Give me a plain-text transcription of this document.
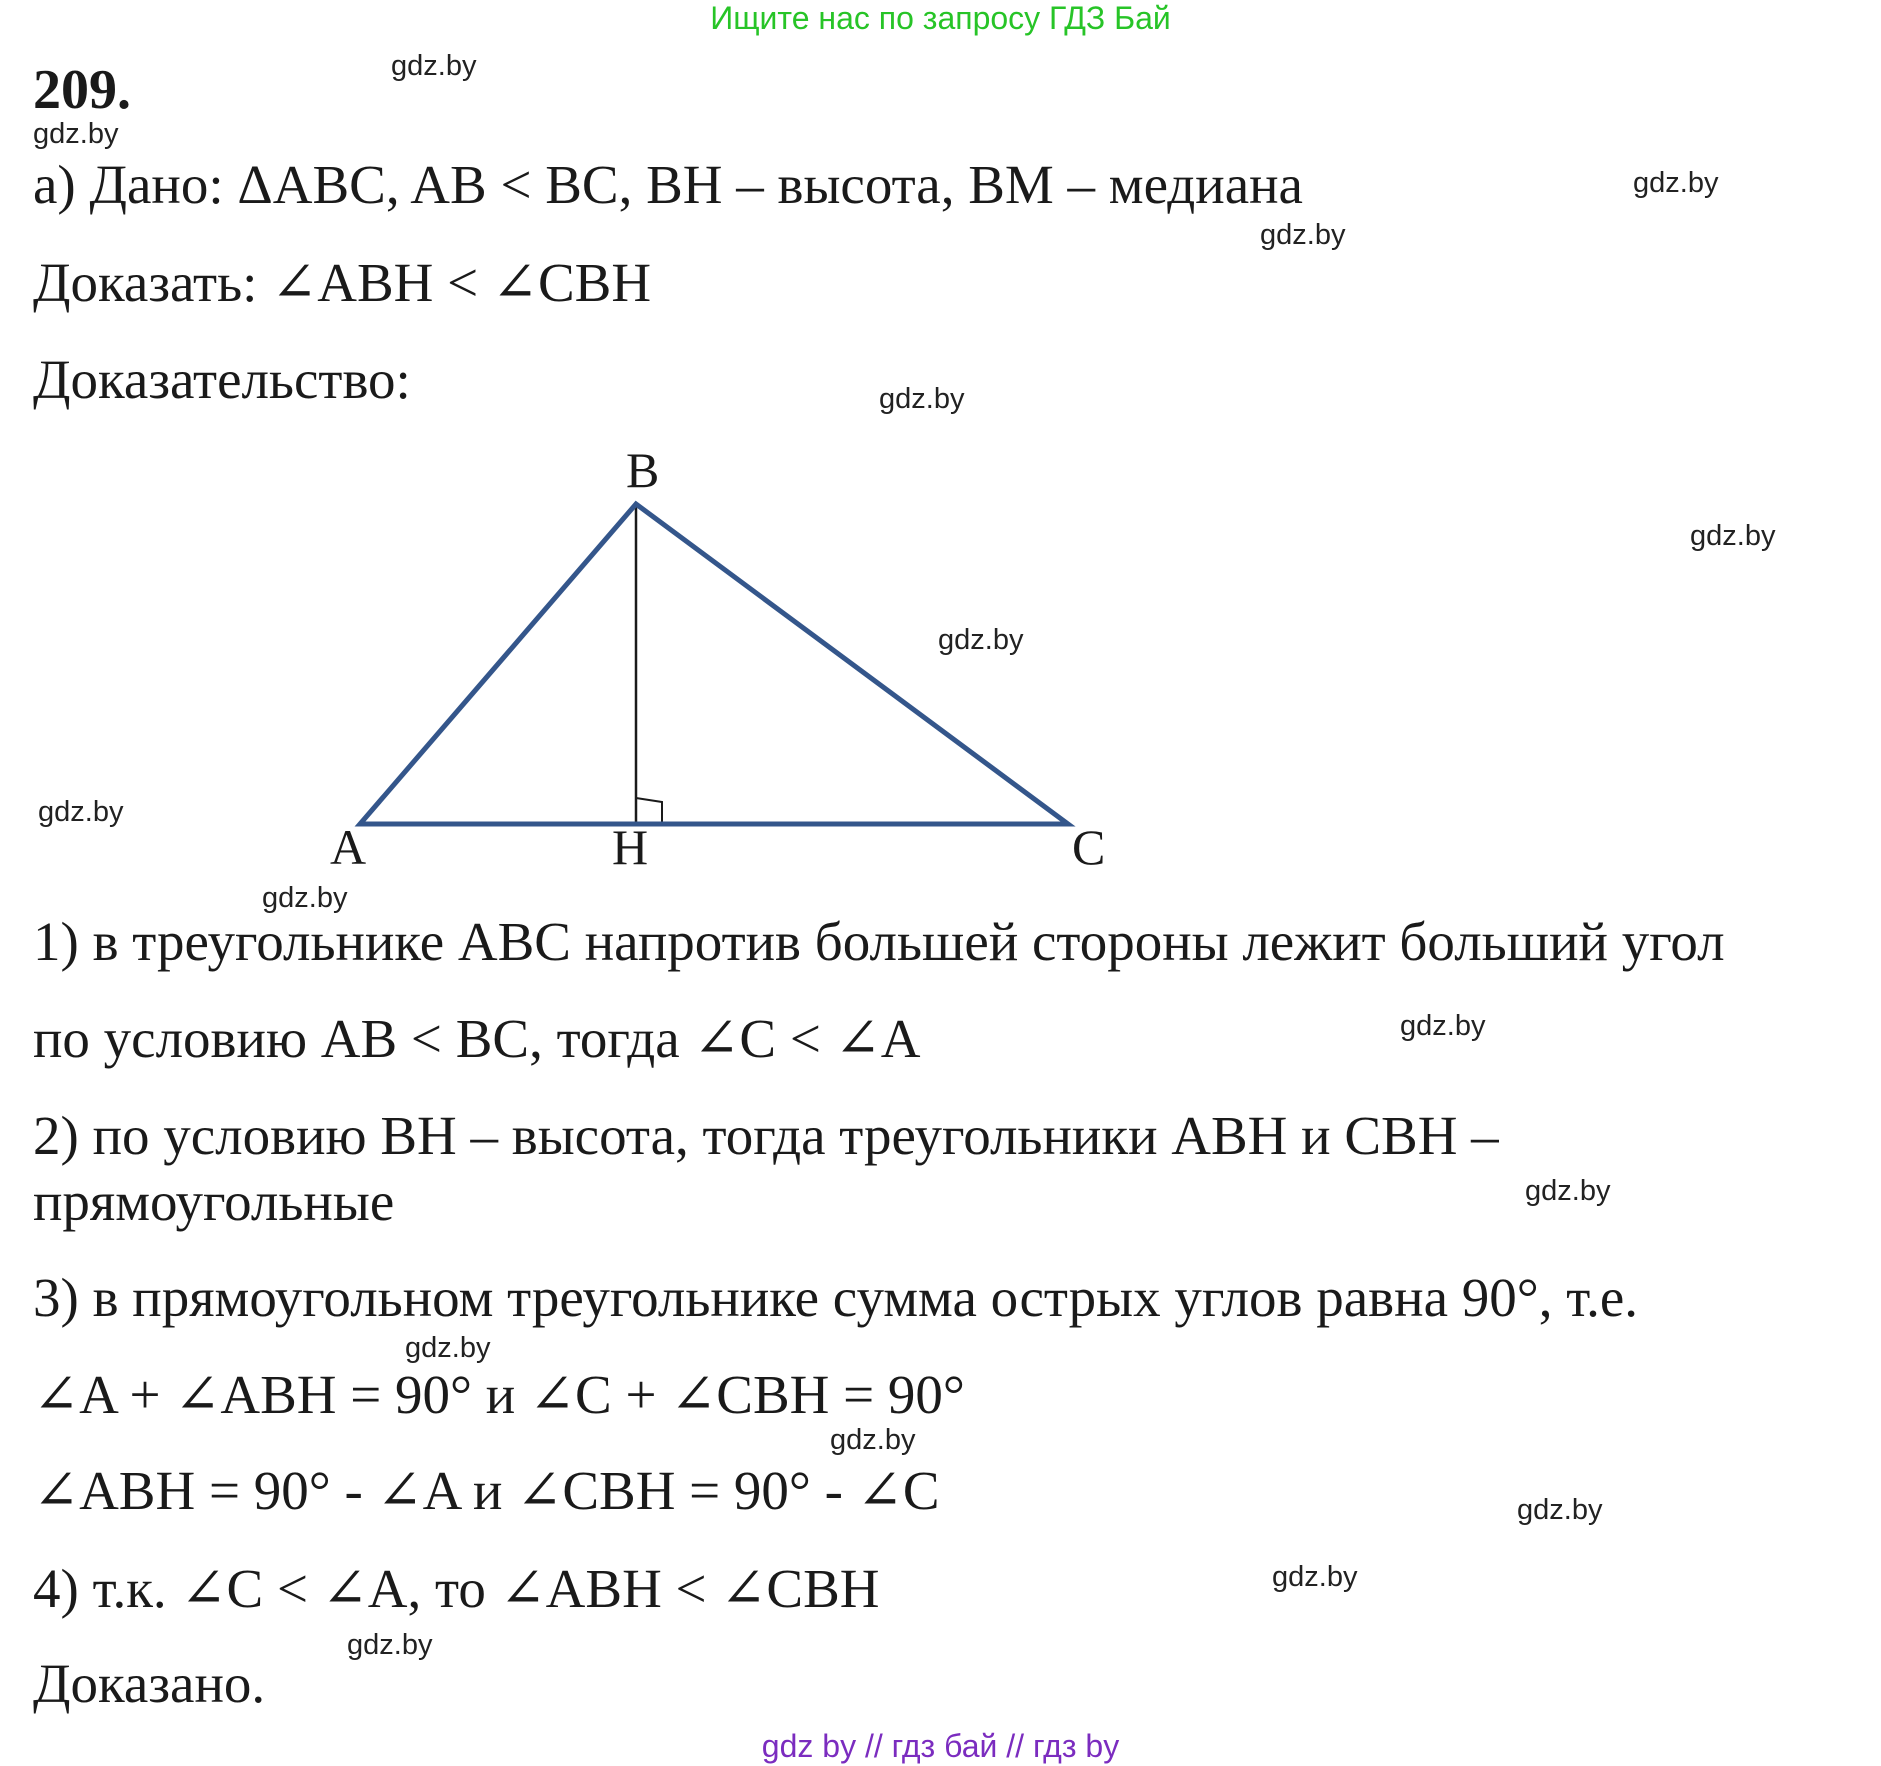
Ищите нас по запросу ГДЗ Бай
209.
а) Дано: ΔABC, AB < BC, BH – высота, BM – медиана
Доказать: ∠ABH < ∠CBH
Доказательство:
B
A	H	C
1) в треугольнике ABC напротив большей стороны лежит больший угол
по условию AB < BC, тогда ∠C < ∠A
2) по условию BH – высота, тогда треугольники ABH и CBH –
прямоугольные
3) в прямоугольном треугольнике сумма острых углов равна 90°, т.е.
∠A + ∠ABH = 90° и ∠C + ∠CBH = 90°
∠ABH = 90° - ∠A и ∠CBH = 90° - ∠C
4) т.к. ∠C < ∠A, то ∠ABH < ∠CBH
Доказано.
gdz.by
gdz.by
gdz.by
gdz.by
gdz.by
gdz.by
gdz.by
gdz.by
gdz.by
gdz.by
gdz.by
gdz.by
gdz.by
gdz.by
gdz.by
gdz.by
gdz by // гдз бай // гдз by
